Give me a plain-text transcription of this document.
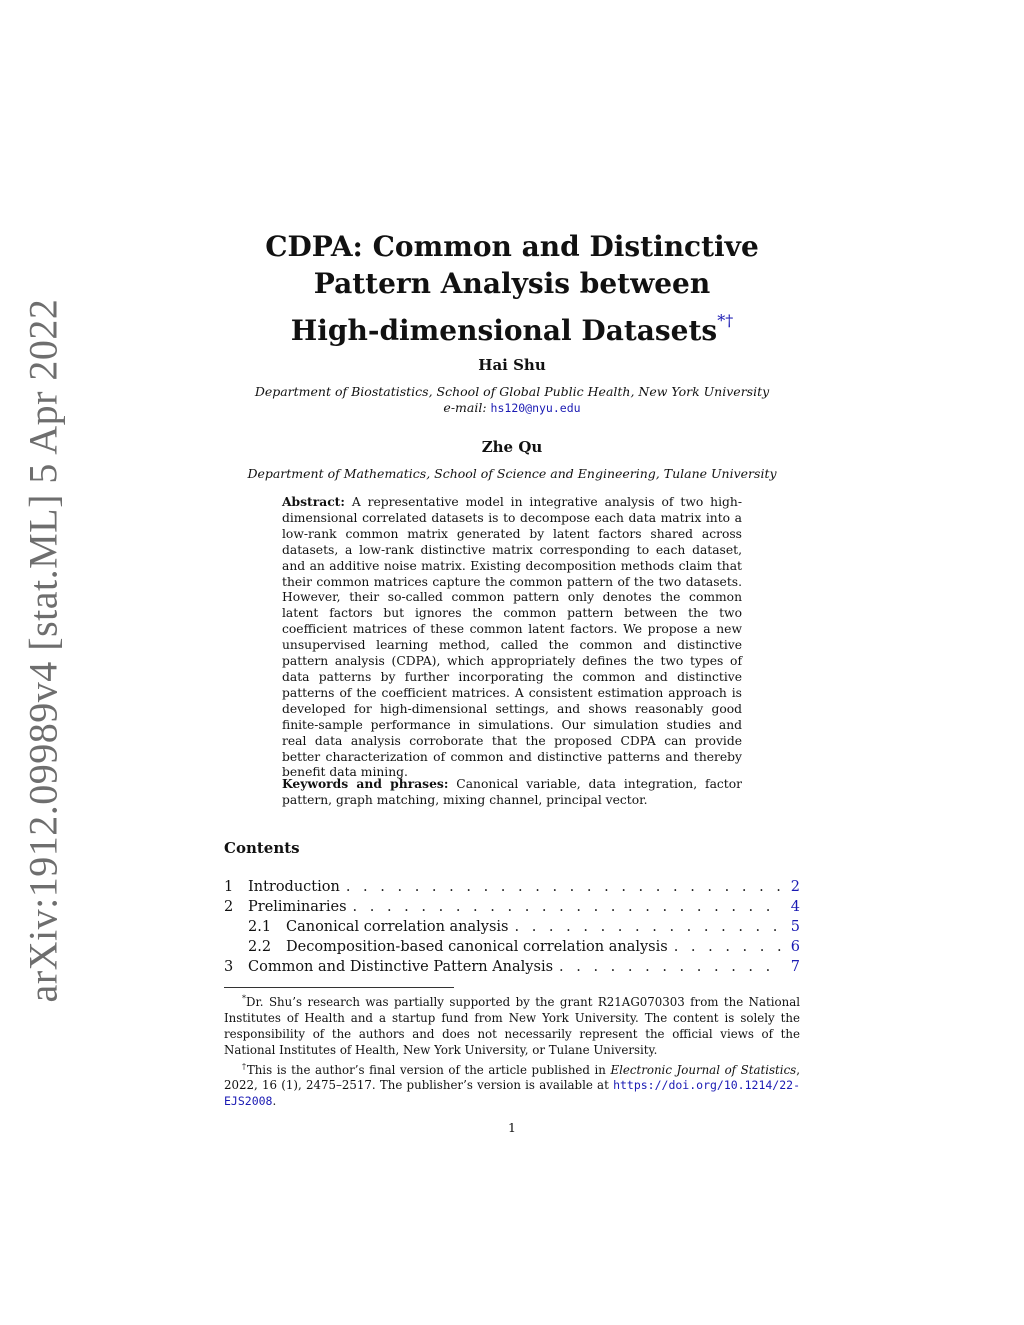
arXiv:1912.09989v4 [stat.ML] 5 Apr 2022
CDPA: Common and Distinctive
Pattern Analysis between
High-dimensional Datasets*†
Hai Shu
Department of Biostatistics, School of Global Public Health, New York University
e-mail: hs120@nyu.edu
Zhe Qu
Department of Mathematics, School of Science and Engineering, Tulane University
Abstract: A representative model in integrative analysis of two high-dimensional correlated datasets is to decompose each data matrix into a low-rank common matrix generated by latent factors shared across datasets, a low-rank distinctive matrix corresponding to each dataset, and an additive noise matrix. Existing decomposition methods claim that their common matrices capture the common pattern of the two datasets. However, their so-called common pattern only denotes the common latent factors but ignores the common pattern between the two coefficient matrices of these common latent factors. We propose a new unsupervised learning method, called the common and distinctive pattern analysis (CDPA), which appropriately defines the two types of data patterns by further incorporating the common and distinctive patterns of the coefficient matrices. A consistent estimation approach is developed for high-dimensional settings, and shows reasonably good finite-sample performance in simulations. Our simulation studies and real data analysis corroborate that the proposed CDPA can provide better characterization of common and distinctive patterns and thereby benefit data mining.
Keywords and phrases: Canonical variable, data integration, factor pattern, graph matching, mixing channel, principal vector.
Contents
1	Introduction . . .	2
2	Preliminaries . . .	4
2.1	Canonical correlation analysis . . .	5
2.2	Decomposition-based canonical correlation analysis . . .	6
3	Common and Distinctive Pattern Analysis . . .	7

*Dr. Shu’s research was partially supported by the grant R21AG070303 from the National Institutes of Health and a startup fund from New York University. The content is solely the responsibility of the authors and does not necessarily represent the official views of the National Institutes of Health, New York University, or Tulane University.

†This is the author’s final version of the article published in Electronic Journal of Statistics, 2022, 16 (1), 2475–2517. The publisher’s version is available at https://doi.org/10.1214/22-EJS2008.

1
